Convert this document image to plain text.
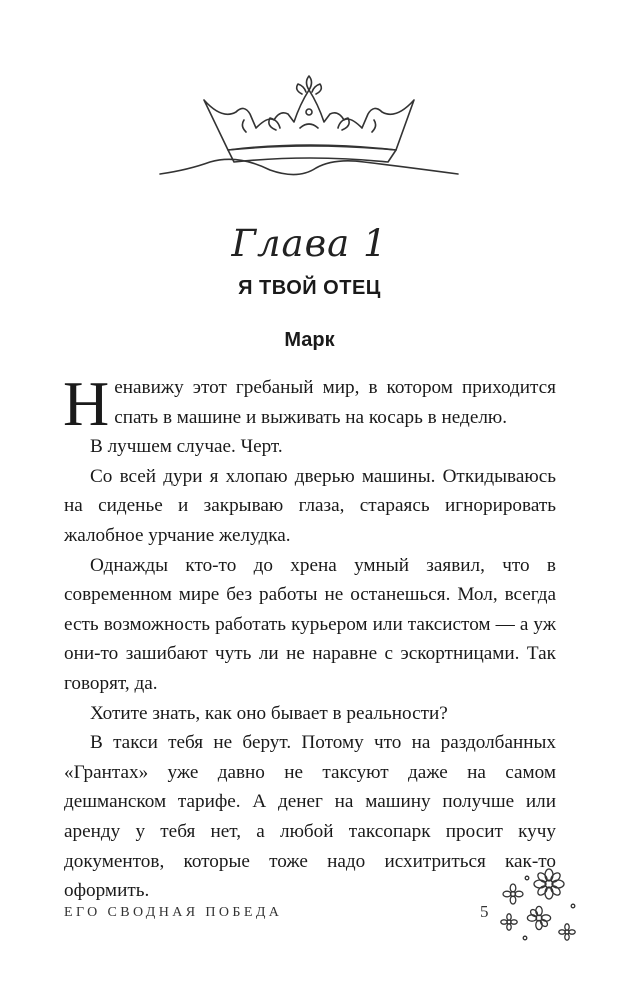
Глава 1
Я ТВОЙ ОТЕЦ
Марк

Ненавижу этот гребаный мир, в котором приходится спать в машине и выживать на косарь в неделю.

В лучшем случае. Черт.

Со всей дури я хлопаю дверью машины. Откидываюсь на сиденье и закрываю глаза, стараясь игнорировать жалобное урчание желудка.

Однажды кто-то до хрена умный заявил, что в современном мире без работы не останешься. Мол, всегда есть возможность работать курьером или таксистом — а уж они-то зашибают чуть ли не наравне с эскортницами. Так говорят, да.

Хотите знать, как оно бывает в реальности?

В такси тебя не берут. Потому что на раздолбанных «Грантах» уже давно не таксуют даже на самом дешманском тарифе. А денег на машину получше или аренду у тебя нет, а любой таксопарк просит кучу документов, которые тоже надо исхитриться как-то оформить.

ЕГО СВОДНАЯ ПОБЕДА	5
